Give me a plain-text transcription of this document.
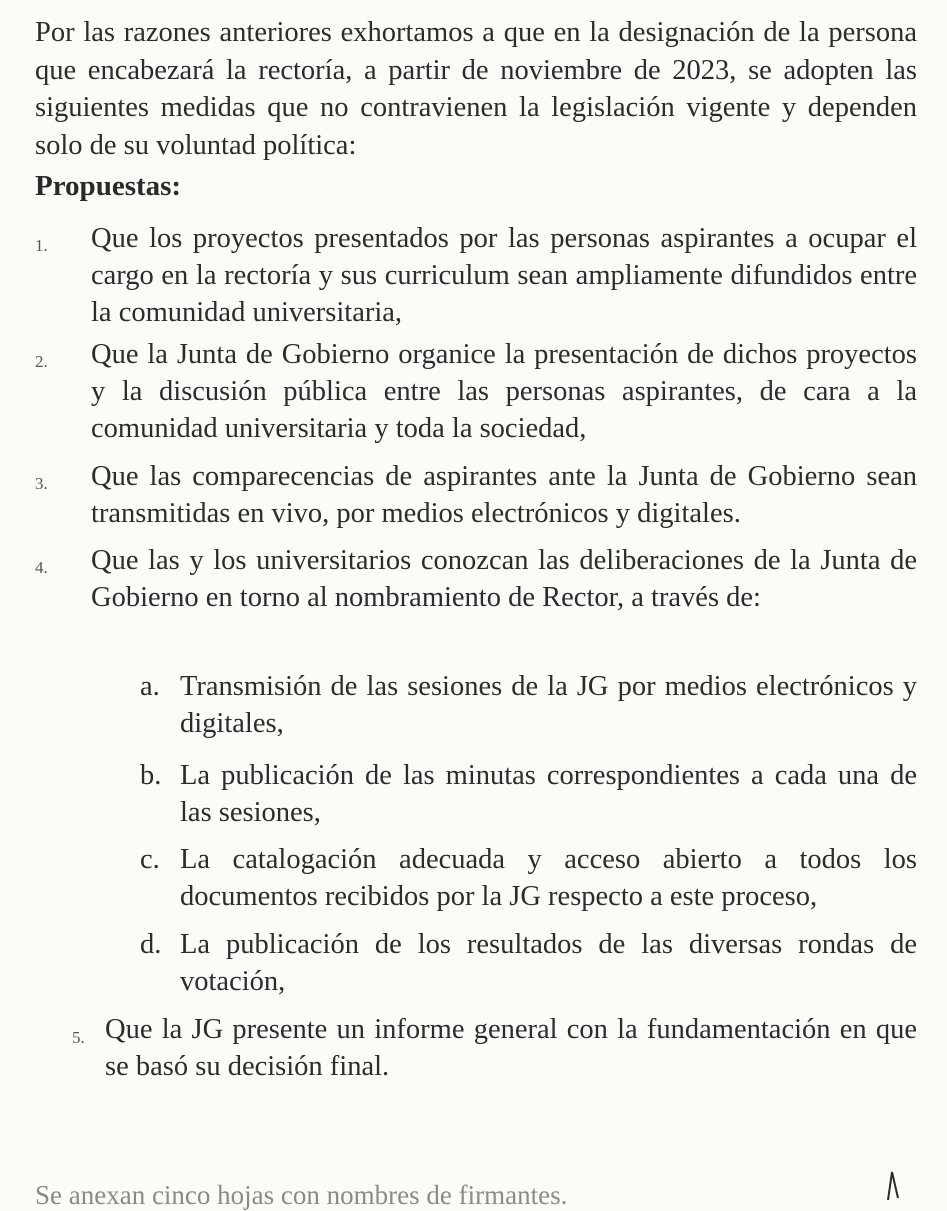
Por las razones anteriores exhortamos a que en la designación de la persona que encabezará la rectoría, a partir de noviembre de 2023, se adopten las siguientes medidas que no contravienen la legislación vigente y dependen solo de su voluntad política:

Propuestas:

1. Que los proyectos presentados por las personas aspirantes a ocupar el cargo en la rectoría y sus curriculum sean ampliamente difundidos entre la comunidad universitaria,

2. Que la Junta de Gobierno organice la presentación de dichos proyectos y la discusión pública entre las personas aspirantes, de cara a la comunidad universitaria y toda la sociedad,

3. Que las comparecencias de aspirantes ante la Junta de Gobierno sean transmitidas en vivo, por medios electrónicos y digitales.

4. Que las y los universitarios conozcan las deliberaciones de la Junta de Gobierno en torno al nombramiento de Rector, a través de:

a. Transmisión de las sesiones de la JG por medios electrónicos y digitales,

b. La publicación de las minutas correspondientes a cada una de las sesiones,

c. La catalogación adecuada y acceso abierto a todos los documentos recibidos por la JG respecto a este proceso,

d. La publicación de los resultados de las diversas rondas de votación,

5. Que la JG presente un informe general con la fundamentación en que se basó su decisión final.

Se anexan cinco hojas con nombres de firmantes.
